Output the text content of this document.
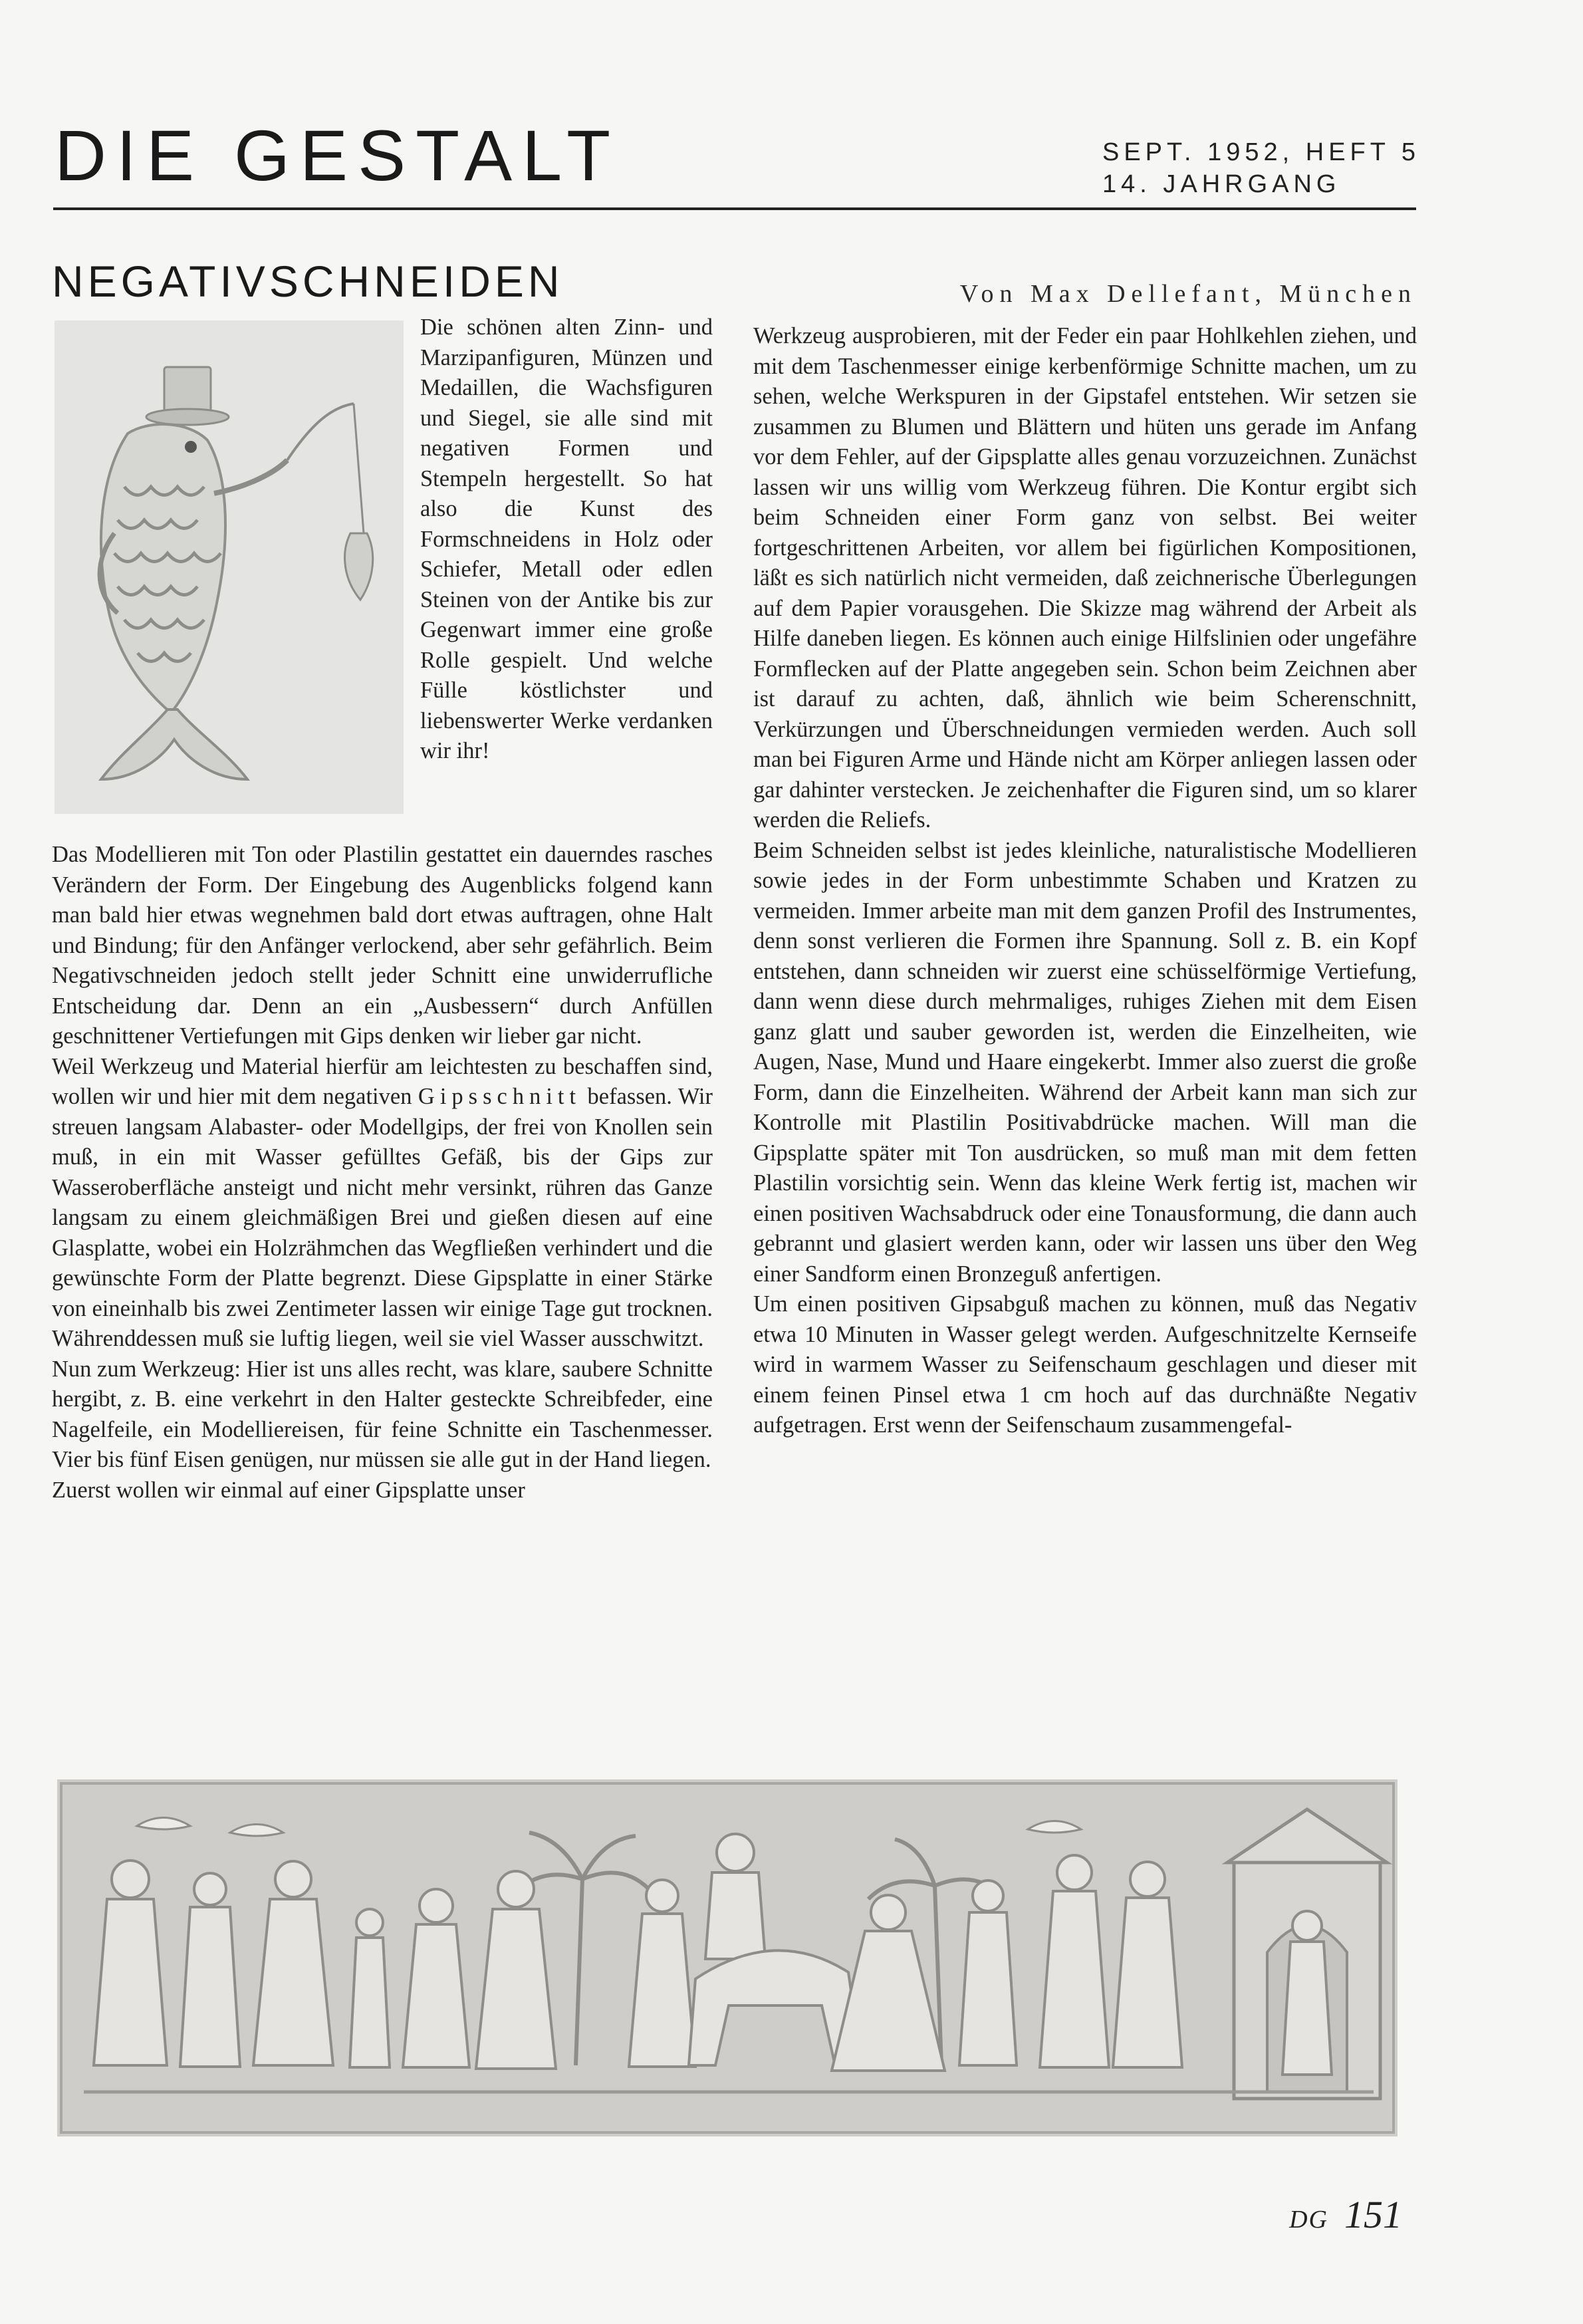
DIE GESTALT	SEPT. 1952, HEFT 5
14. JAHRGANG
NEGATIVSCHNEIDEN	Von Max Dellefant, München

Die schönen alten Zinn- und Marzipanfiguren, Münzen und Medaillen, die Wachsfiguren und Siegel, sie alle sind mit negativen Formen und Stempeln hergestellt. So hat also die Kunst des Formschneidens in Holz oder Schiefer, Metall oder edlen Steinen von der Antike bis zur Gegenwart immer eine große Rolle gespielt. Und welche Fülle köstlichster und liebenswerter Werke verdanken wir ihr!

Das Modellieren mit Ton oder Plastilin gestattet ein dauerndes rasches Verändern der Form. Der Eingebung des Augenblicks folgend kann man bald hier etwas wegnehmen bald dort etwas auftragen, ohne Halt und Bindung; für den Anfänger verlockend, aber sehr gefährlich. Beim Negativschneiden jedoch stellt jeder Schnitt eine unwiderrufliche Entscheidung dar. Denn an ein „Ausbessern“ durch Anfüllen geschnittener Vertiefungen mit Gips denken wir lieber gar nicht.

Weil Werkzeug und Material hierfür am leichtesten zu beschaffen sind, wollen wir und hier mit dem negativen Gipsschnitt befassen. Wir streuen langsam Alabaster- oder Modellgips, der frei von Knollen sein muß, in ein mit Wasser gefülltes Gefäß, bis der Gips zur Wasseroberfläche ansteigt und nicht mehr versinkt, rühren das Ganze langsam zu einem gleichmäßigen Brei und gießen diesen auf eine Glasplatte, wobei ein Holzrähmchen das Wegfließen verhindert und die gewünschte Form der Platte begrenzt. Diese Gipsplatte in einer Stärke von eineinhalb bis zwei Zentimeter lassen wir einige Tage gut trocknen. Währenddessen muß sie luftig liegen, weil sie viel Wasser ausschwitzt.

Nun zum Werkzeug: Hier ist uns alles recht, was klare, saubere Schnitte hergibt, z. B. eine verkehrt in den Halter gesteckte Schreibfeder, eine Nagelfeile, ein Modelliereisen, für feine Schnitte ein Taschenmesser. Vier bis fünf Eisen genügen, nur müssen sie alle gut in der Hand liegen.

Zuerst wollen wir einmal auf einer Gipsplatte unser

Werkzeug ausprobieren, mit der Feder ein paar Hohlkehlen ziehen, und mit dem Taschenmesser einige kerbenförmige Schnitte machen, um zu sehen, welche Werkspuren in der Gipstafel entstehen. Wir setzen sie zusammen zu Blumen und Blättern und hüten uns gerade im Anfang vor dem Fehler, auf der Gipsplatte alles genau vorzuzeichnen. Zunächst lassen wir uns willig vom Werkzeug führen. Die Kontur ergibt sich beim Schneiden einer Form ganz von selbst. Bei weiter fortgeschrittenen Arbeiten, vor allem bei figürlichen Kompositionen, läßt es sich natürlich nicht vermeiden, daß zeichnerische Überlegungen auf dem Papier vorausgehen. Die Skizze mag während der Arbeit als Hilfe daneben liegen. Es können auch einige Hilfslinien oder ungefähre Formflecken auf der Platte angegeben sein. Schon beim Zeichnen aber ist darauf zu achten, daß, ähnlich wie beim Scherenschnitt, Verkürzungen und Überschneidungen vermieden werden. Auch soll man bei Figuren Arme und Hände nicht am Körper anliegen lassen oder gar dahinter verstecken. Je zeichenhafter die Figuren sind, um so klarer werden die Reliefs.

Beim Schneiden selbst ist jedes kleinliche, naturalistische Modellieren sowie jedes in der Form unbestimmte Schaben und Kratzen zu vermeiden. Immer arbeite man mit dem ganzen Profil des Instrumentes, denn sonst verlieren die Formen ihre Spannung. Soll z. B. ein Kopf entstehen, dann schneiden wir zuerst eine schüsselförmige Vertiefung, dann wenn diese durch mehrmaliges, ruhiges Ziehen mit dem Eisen ganz glatt und sauber geworden ist, werden die Einzelheiten, wie Augen, Nase, Mund und Haare eingekerbt. Immer also zuerst die große Form, dann die Einzelheiten. Während der Arbeit kann man sich zur Kontrolle mit Plastilin Positivabdrücke machen. Will man die Gipsplatte später mit Ton ausdrücken, so muß man mit dem fetten Plastilin vorsichtig sein. Wenn das kleine Werk fertig ist, machen wir einen positiven Wachsabdruck oder eine Tonausformung, die dann auch gebrannt und glasiert werden kann, oder wir lassen uns über den Weg einer Sandform einen Bronzeguß anfertigen.

Um einen positiven Gipsabguß machen zu können, muß das Negativ etwa 10 Minuten in Wasser gelegt werden. Aufgeschnitzelte Kernseife wird in warmem Wasser zu Seifenschaum geschlagen und dieser mit einem feinen Pinsel etwa 1 cm hoch auf das durchnäßte Negativ aufgetragen. Erst wenn der Seifenschaum zusammengefal-

DG 151
